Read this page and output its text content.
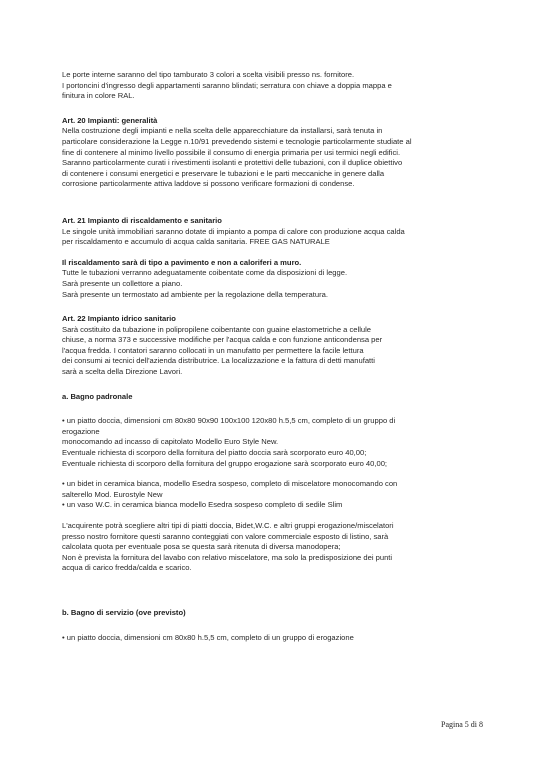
Le porte interne saranno del tipo tamburato 3 colori a scelta visibili presso ns. fornitore.
I portoncini d'ingresso degli appartamenti saranno blindati; serratura con chiave a doppia mappa e
finitura in colore RAL.

Art. 20 Impianti: generalità

Nella costruzione degli impianti e nella scelta delle apparecchiature da installarsi, sarà tenuta in
particolare considerazione la Legge n.10/91 prevedendo sistemi e tecnologie particolarmente studiate al
fine di contenere al minimo livello possibile il consumo di energia primaria per usi termici negli edifici.
Saranno particolarmente curati i rivestimenti isolanti e protettivi delle tubazioni, con il duplice obiettivo
di contenere i consumi energetici e preservare le tubazioni e le parti meccaniche in genere dalla
corrosione particolarmente attiva laddove si possono verificare formazioni di condense.

Art. 21 Impianto di riscaldamento e sanitario

Le singole unità immobiliari saranno dotate di impianto a pompa di calore con produzione acqua calda
per riscaldamento e accumulo di acqua calda sanitaria. FREE GAS NATURALE

Il riscaldamento sarà di tipo a pavimento e non a caloriferi a muro.

Tutte le tubazioni verranno adeguatamente coibentate come da disposizioni di legge.
Sarà presente un collettore a piano.
Sarà presente un termostato ad ambiente per la regolazione della temperatura.

Art. 22 Impianto idrico sanitario

Sarà costituito da tubazione in polipropilene coibentante con guaine elastometriche a cellule
chiuse, a norma 373 e successive modifiche per l'acqua calda e con funzione anticondensa per
l'acqua fredda. I contatori saranno collocati in un manufatto per permettere la facile lettura
dei consumi ai tecnici dell'azienda distributrice. La localizzazione e la fattura di detti manufatti
sarà a scelta della Direzione Lavori.

a. Bagno padronale

• un piatto doccia, dimensioni cm 80x80 90x90 100x100 120x80 h.5,5 cm, completo di un gruppo di
erogazione
monocomando ad incasso di capitolato Modello Euro Style New.
Eventuale richiesta di scorporo della fornitura del piatto doccia sarà scorporato euro 40,00;
Eventuale richiesta di scorporo della fornitura del gruppo erogazione sarà scorporato euro 40,00;

• un bidet in ceramica bianca, modello Esedra sospeso, completo di miscelatore monocomando con
salterello Mod. Eurostyle New
• un vaso W.C. in ceramica bianca modello Esedra sospeso completo di sedile Slim

L'acquirente potrà scegliere altri tipi di piatti doccia, Bidet,W.C. e altri gruppi erogazione/miscelatori
presso nostro fornitore questi saranno conteggiati con valore commerciale esposto di listino, sarà
calcolata quota per eventuale posa se questa sarà ritenuta di diversa manodopera;
Non è prevista la fornitura del lavabo con relativo miscelatore, ma solo la predisposizione dei punti
acqua di carico fredda/calda e scarico.

b. Bagno di servizio (ove previsto)

• un piatto doccia, dimensioni cm 80x80 h.5,5 cm, completo di un gruppo di erogazione

Pagina 5 di 8
